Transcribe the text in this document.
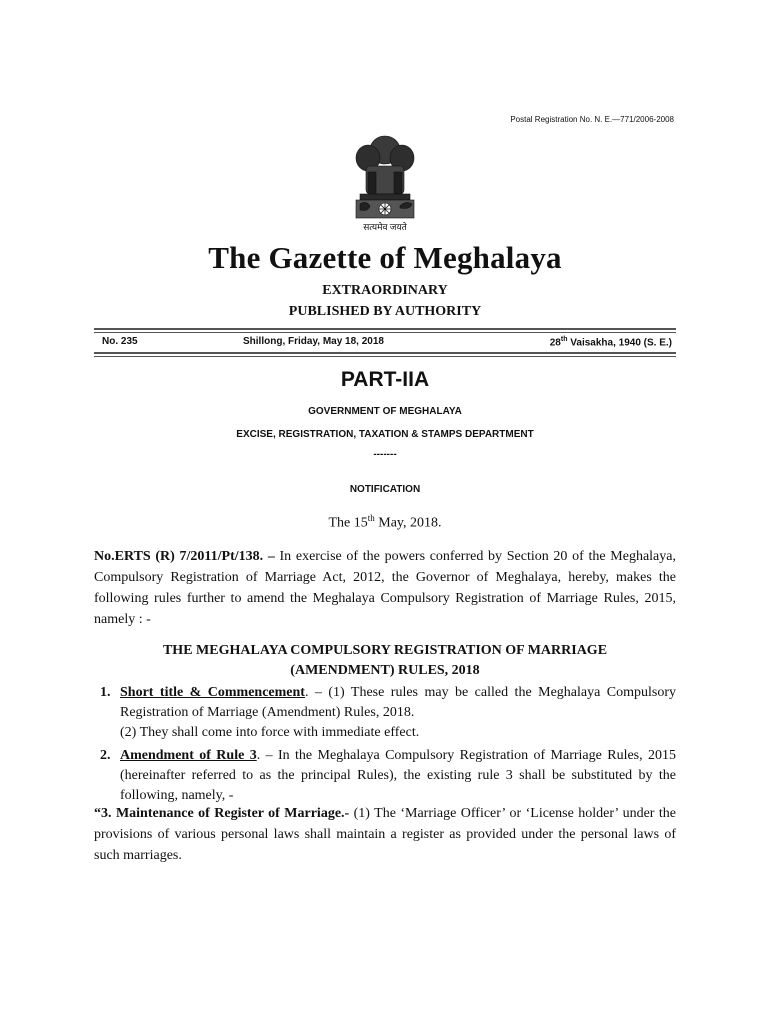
Postal Registration No. N. E.—771/2006-2008
सत्यमेव जयते
The Gazette of Meghalaya
EXTRAORDINARY
PUBLISHED BY AUTHORITY
No. 235	Shillong, Friday, May 18, 2018	28th Vaisakha, 1940 (S. E.)
PART-IIA
GOVERNMENT OF MEGHALAYA
EXCISE, REGISTRATION, TAXATION & STAMPS DEPARTMENT
-------
NOTIFICATION
The 15th May, 2018.
No.ERTS (R) 7/2011/Pt/138. – In exercise of the powers conferred by Section 20 of the Meghalaya, Compulsory Registration of Marriage Act, 2012, the Governor of Meghalaya, hereby, makes the following rules further to amend the Meghalaya Compulsory Registration of Marriage Rules, 2015, namely : -
THE MEGHALAYA COMPULSORY REGISTRATION OF MARRIAGE
(AMENDMENT) RULES, 2018
1. Short title & Commencement. – (1) These rules may be called the Meghalaya Compulsory Registration of Marriage (Amendment) Rules, 2018.
(2) They shall come into force with immediate effect.
2. Amendment of Rule 3. – In the Meghalaya Compulsory Registration of Marriage Rules, 2015 (hereinafter referred to as the principal Rules), the existing rule 3 shall be substituted by the following, namely, -
“3. Maintenance of Register of Marriage.- (1) The ‘Marriage Officer’ or ‘License holder’ under the provisions of various personal laws shall maintain a register as provided under the personal laws of such marriages.
